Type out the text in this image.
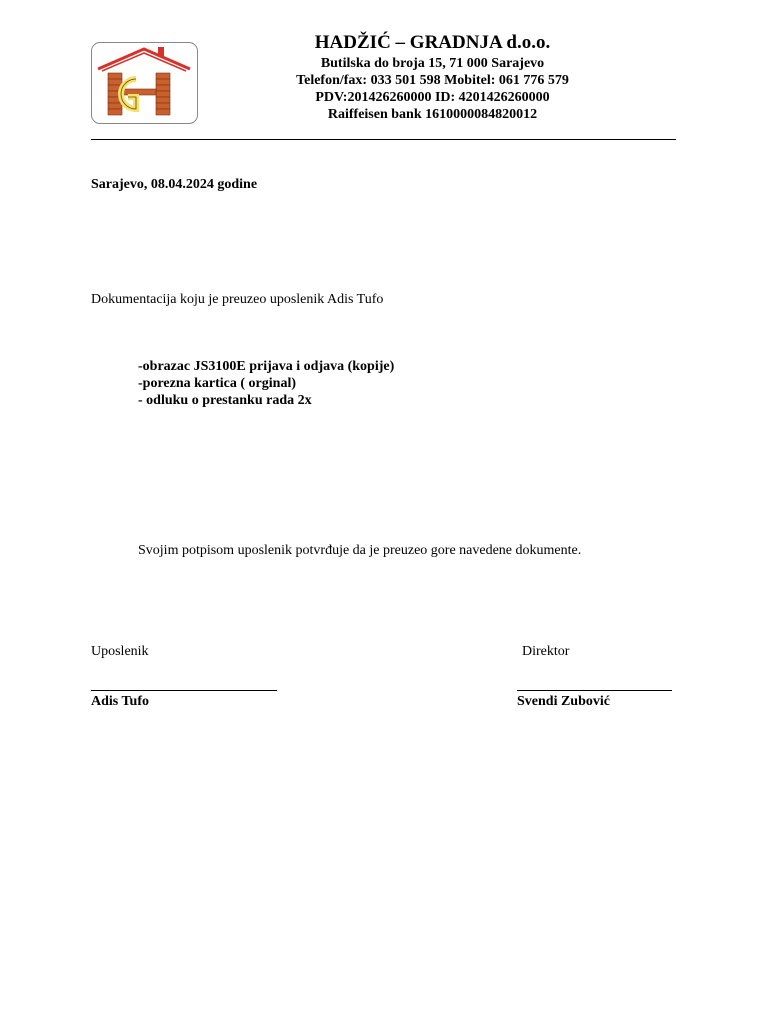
HADŽIĆ – GRADNJA d.o.o.
Butilska do broja 15, 71 000 Sarajevo
Telefon/fax: 033 501 598 Mobitel: 061 776 579
PDV:201426260000 ID: 4201426260000
Raiffeisen bank 1610000084820012
Sarajevo, 08.04.2024 godine
Dokumentacija koju je preuzeo uposlenik Adis Tufo
-obrazac JS3100E prijava i odjava (kopije)
-porezna kartica ( orginal)
- odluku o prestanku rada 2x
Svojim potpisom uposlenik potvrđuje da je preuzeo gore navedene dokumente.
Uposlenik	Direktor
Adis Tufo	Svendi Zubović
